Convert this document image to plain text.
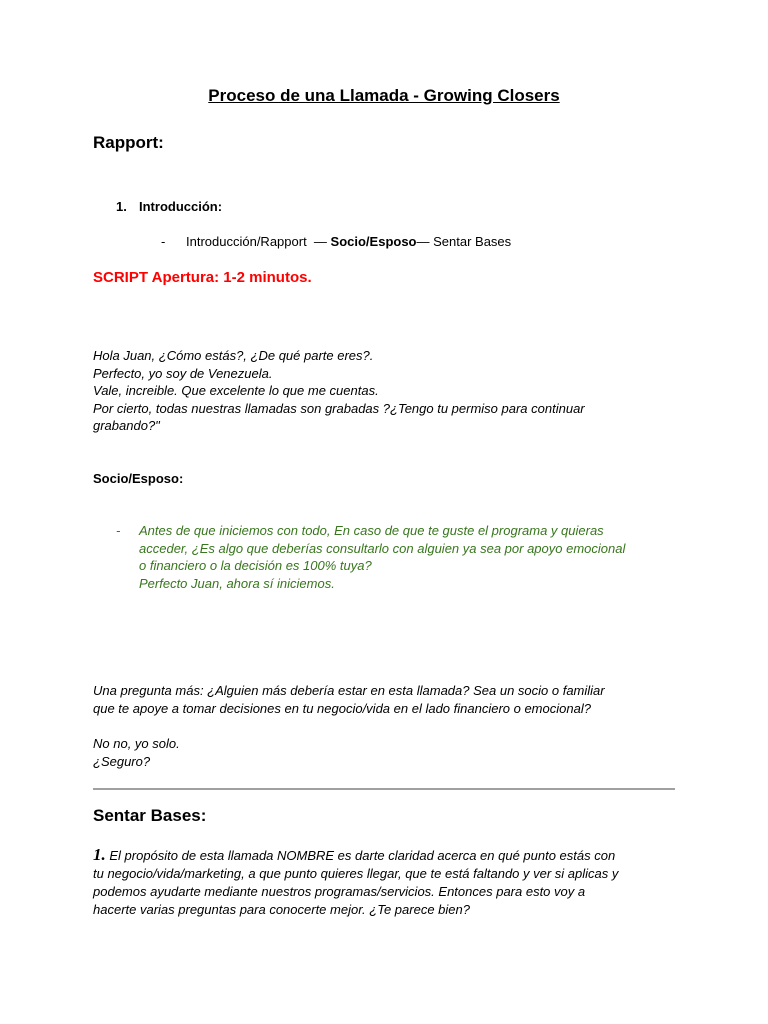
Proceso de una Llamada - Growing Closers
Rapport:
1. Introducción:
- Introducción/Rapport  — Socio/Esposo— Sentar Bases

SCRIPT Apertura: 1-2 minutos.

Hola Juan, ¿Cómo estás?, ¿De qué parte eres?.
Perfecto, yo soy de Venezuela.
Vale, increible. Que excelente lo que me cuentas.
Por cierto, todas nuestras llamadas son grabadas ?¿Tengo tu permiso para continuar
grabando?"
Socio/Esposo:
- Antes de que iniciemos con todo, En caso de que te guste el programa y quieras
acceder, ¿Es algo que deberías consultarlo con alguien ya sea por apoyo emocional
o financiero o la decisión es 100% tuya?
Perfecto Juan, ahora sí iniciemos.
Una pregunta más: ¿Alguien más debería estar en esta llamada? Sea un socio o familiar
que te apoye a tomar decisiones en tu negocio/vida en el lado financiero o emocional?
No no, yo solo.
¿Seguro?
Sentar Bases:
1. El propósito de esta llamada NOMBRE es darte claridad acerca en qué punto estás con
tu negocio/vida/marketing, a que punto quieres llegar, que te está faltando y ver si aplicas y
podemos ayudarte mediante nuestros programas/servicios. Entonces para esto voy a
hacerte varias preguntas para conocerte mejor. ¿Te parece bien?
